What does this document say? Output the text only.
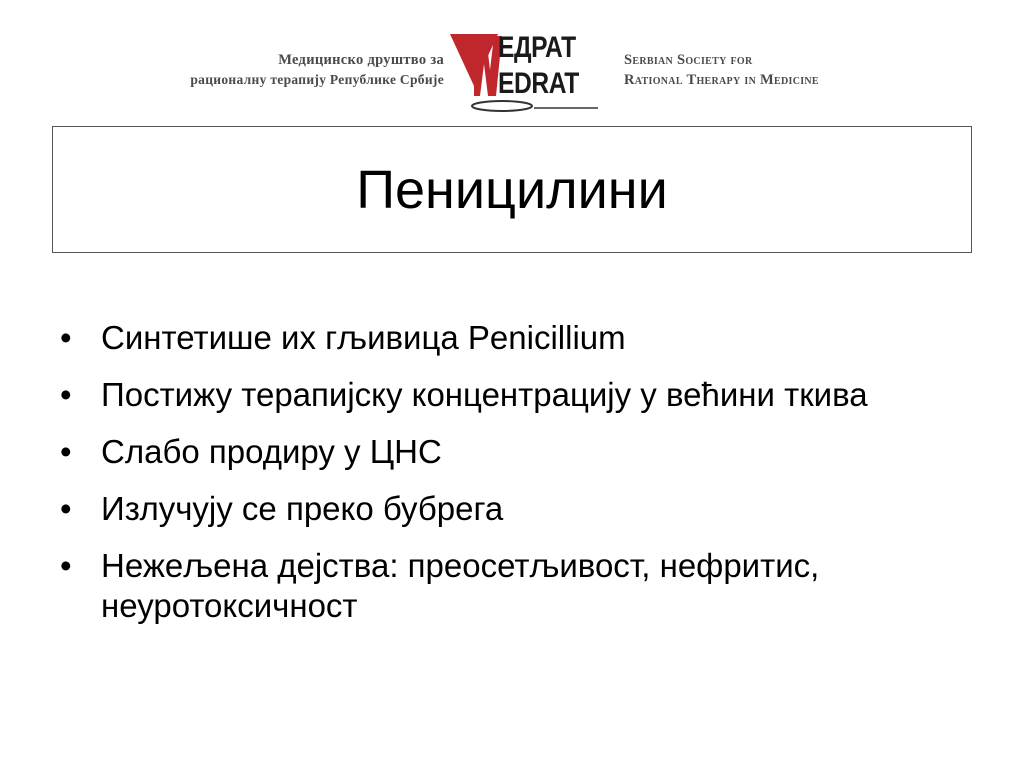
Медицинско друштво за
рационалну терапију Републике Србије
ЕДРАТ
EDRAT
Serbian Society for
Rational Therapy in Medicine
Пеницилини
• Синтетише их гљивица Penicillium
• Постижу терапијску концентрацију у већини ткива
• Слабо продиру у ЦНС
• Излучују се преко бубрега
• Нежељена дејства: преосетљивост, нефритис, неуротоксичност
